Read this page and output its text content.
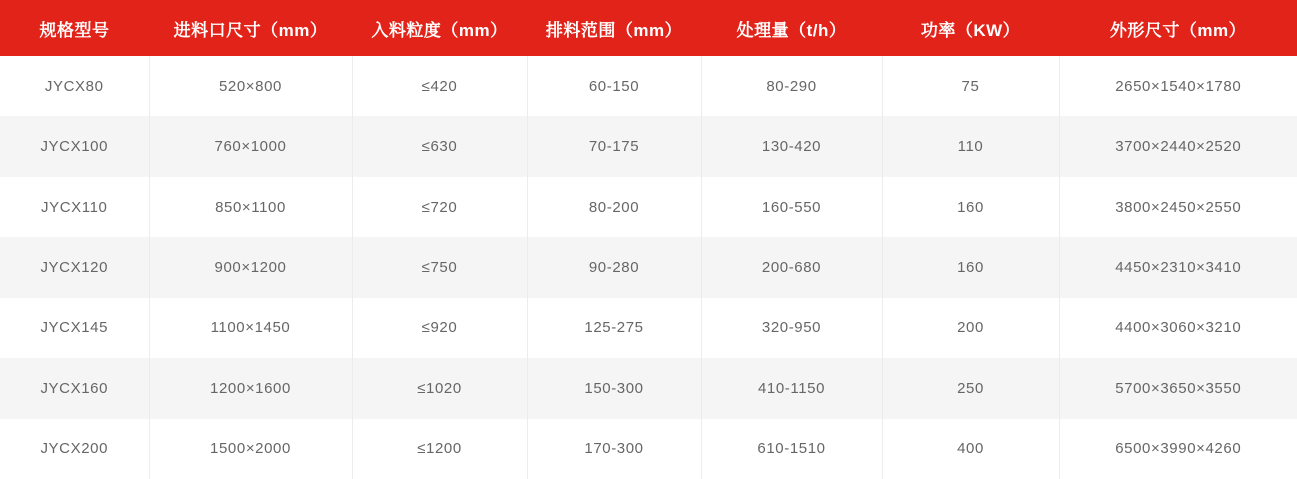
规格型号	进料口尺寸（mm）	入料粒度（mm）	排料范围（mm）	处理量（t/h）	功率（KW）	外形尺寸（mm）
JYCX80	520×800	≤420	60-150	80-290	75	2650×1540×1780
JYCX100	760×1000	≤630	70-175	130-420	110	3700×2440×2520
JYCX110	850×1100	≤720	80-200	160-550	160	3800×2450×2550
JYCX120	900×1200	≤750	90-280	200-680	160	4450×2310×3410
JYCX145	1100×1450	≤920	125-275	320-950	200	4400×3060×3210
JYCX160	1200×1600	≤1020	150-300	410-1150	250	5700×3650×3550
JYCX200	1500×2000	≤1200	170-300	610-1510	400	6500×3990×4260
